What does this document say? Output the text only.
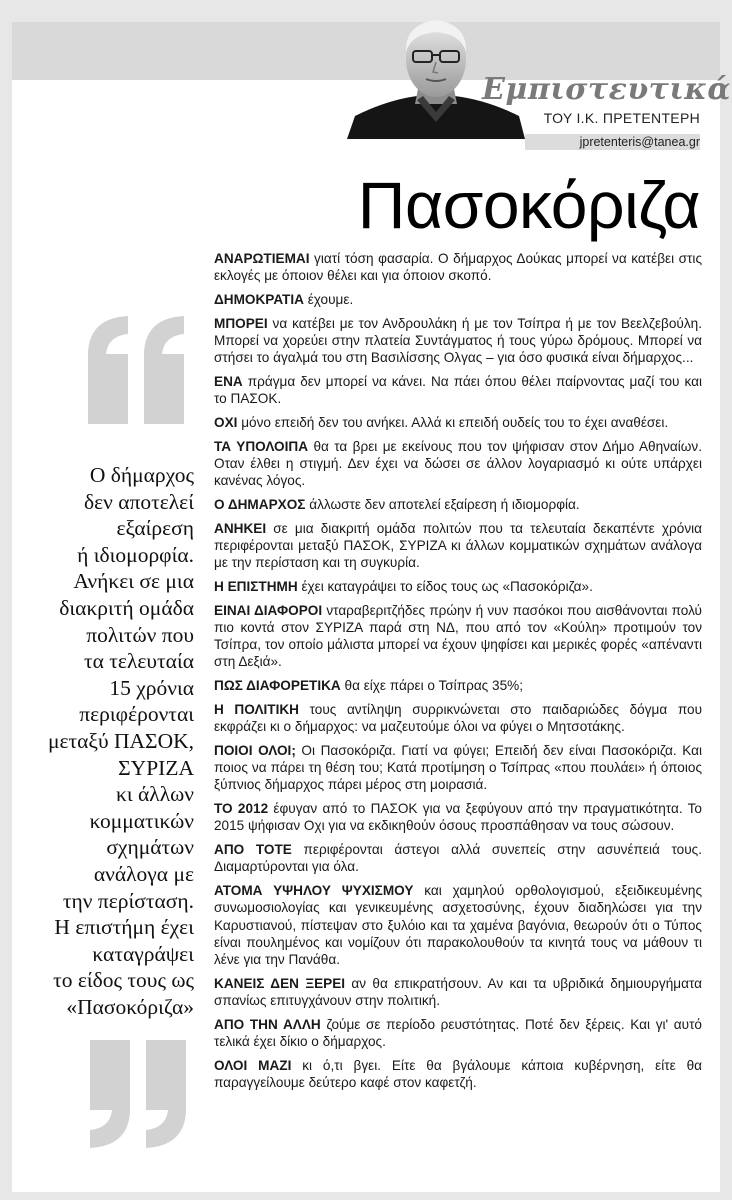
Εμπιστευτικά
ΤΟΥ Ι.Κ. ΠΡΕΤΕΝΤΕΡΗ
jpretenteris@tanea.gr
Πασοκόριζα
Ο δήμαρχος
δεν αποτελεί
εξαίρεση
ή ιδιομορφία.
Ανήκει σε μια
διακριτή ομάδα
πολιτών που
τα τελευταία
15 χρόνια
περιφέρονται
μεταξύ ΠΑΣΟΚ,
ΣΥΡΙΖΑ
κι άλλων
κομματικών
σχημάτων
ανάλογα με
την περίσταση.
Η επιστήμη έχει
καταγράψει
το είδος τους ως
«Πασοκόριζα»

ΑΝΑΡΩΤΙΕΜΑΙ γιατί τόση φασαρία. Ο δήμαρχος Δούκας μπορεί να κατέβει στις εκλογές με όποιον θέλει και για όποιον σκοπό.

ΔΗΜΟΚΡΑΤΙΑ έχουμε.

ΜΠΟΡΕΙ να κατέβει με τον Ανδρουλάκη ή με τον Τσίπρα ή με τον Βεελζεβούλη. Μπορεί να χορεύει στην πλατεία Συντάγματος ή τους γύρω δρόμους. Μπορεί να στήσει το άγαλμά του στη Βασιλίσσης Ολγας – για όσο φυσικά είναι δήμαρχος...

ΕΝΑ πράγμα δεν μπορεί να κάνει. Να πάει όπου θέλει παίρνοντας μαζί του και το ΠΑΣΟΚ.

ΟΧΙ μόνο επειδή δεν του ανήκει. Αλλά κι επειδή ουδείς του το έχει αναθέσει.

ΤΑ ΥΠΟΛΟΙΠΑ θα τα βρει με εκείνους που τον ψήφισαν στον Δήμο Αθηναίων. Οταν έλθει η στιγμή. Δεν έχει να δώσει σε άλλον λογαριασμό κι ούτε υπάρχει κανένας λόγος.

Ο ΔΗΜΑΡΧΟΣ άλλωστε δεν αποτελεί εξαίρεση ή ιδιομορφία.

ΑΝΗΚΕΙ σε μια διακριτή ομάδα πολιτών που τα τελευταία δεκαπέντε χρόνια περιφέρονται μεταξύ ΠΑΣΟΚ, ΣΥΡΙΖΑ κι άλλων κομματικών σχημάτων ανάλογα με την περίσταση και τη συγκυρία.

Η ΕΠΙΣΤΗΜΗ έχει καταγράψει το είδος τους ως «Πασοκόριζα».

ΕΙΝΑΙ ΔΙΑΦΟΡΟΙ νταραβεριτζήδες πρώην ή νυν πασόκοι που αισθάνονται πολύ πιο κοντά στον ΣΥΡΙΖΑ παρά στη ΝΔ, που από τον «Κούλη» προτιμούν τον Τσίπρα, τον οποίο μάλιστα μπορεί να έχουν ψηφίσει και μερικές φορές «απέναντι στη Δεξιά».

ΠΩΣ ΔΙΑΦΟΡΕΤΙΚΑ θα είχε πάρει ο Τσίπρας 35%;

Η ΠΟΛΙΤΙΚΗ τους αντίληψη συρρικνώνεται στο παιδαριώδες δόγμα που εκφράζει κι ο δήμαρχος: να μαζευτούμε όλοι να φύγει ο Μητσοτάκης.

ΠΟΙΟΙ ΟΛΟΙ; Οι Πασοκόριζα. Γιατί να φύγει; Επειδή δεν είναι Πασοκόριζα. Και ποιος να πάρει τη θέση του; Κατά προτίμηση ο Τσίπρας «που πουλάει» ή όποιος ξύπνιος δήμαρχος πάρει μέρος στη μοιρασιά.

ΤΟ 2012 έφυγαν από το ΠΑΣΟΚ για να ξεφύγουν από την πραγματικότητα. Το 2015 ψήφισαν Οχι για να εκδικηθούν όσους προσπάθησαν να τους σώσουν.

ΑΠΟ ΤΟΤΕ περιφέρονται άστεγοι αλλά συνεπείς στην ασυνέπειά τους. Διαμαρτύρονται για όλα.

ΑΤΟΜΑ ΥΨΗΛΟΥ ΨΥΧΙΣΜΟΥ και χαμηλού ορθολογισμού, εξειδικευμένης συνωμοσιολογίας και γενικευμένης ασχετοσύνης, έχουν διαδηλώσει για την Καρυστιανού, πίστεψαν στο ξυλόιο και τα χαμένα βαγόνια, θεωρούν ότι ο Τύπος είναι πουλημένος και νομίζουν ότι παρακολουθούν τα κινητά τους να μάθουν τι λένε για την Πανάθα.

ΚΑΝΕΙΣ ΔΕΝ ΞΕΡΕΙ αν θα επικρατήσουν. Αν και τα υβριδικά δημιουργήματα σπανίως επιτυγχάνουν στην πολιτική.

ΑΠΟ ΤΗΝ ΑΛΛΗ ζούμε σε περίοδο ρευστότητας. Ποτέ δεν ξέρεις. Και γι' αυτό τελικά έχει δίκιο ο δήμαρχος.

ΟΛΟΙ ΜΑΖΙ κι ό,τι βγει. Είτε θα βγάλουμε κάποια κυβέρνηση, είτε θα παραγγείλουμε δεύτερο καφέ στον καφετζή.
